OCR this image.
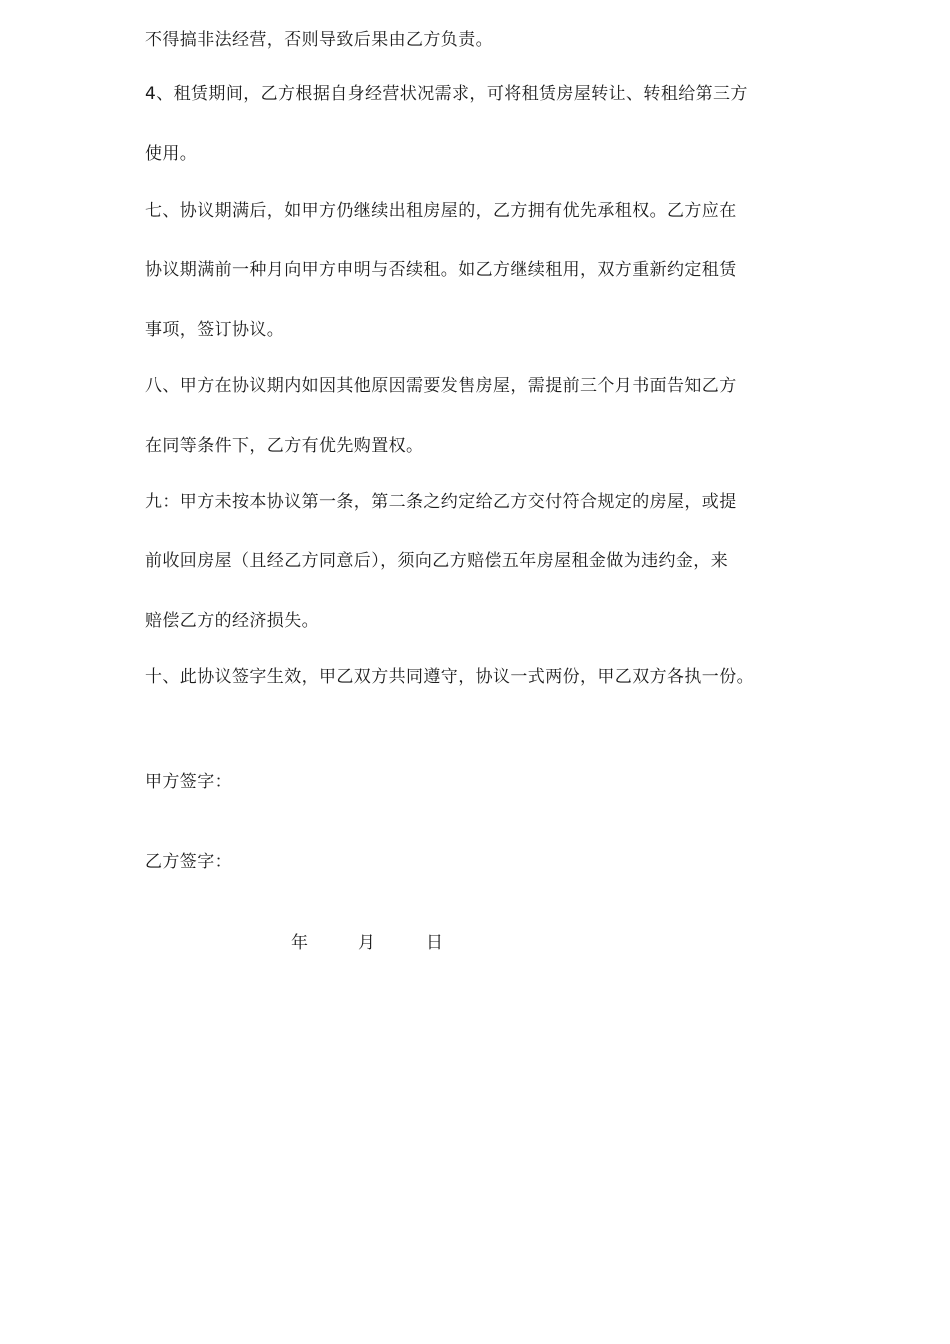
不得搞非法经营，否则导致后果由乙方负责。
4、租赁期间，乙方根据自身经营状况需求，可将租赁房屋转让、转租给第三方
使用。
七、协议期满后，如甲方仍继续出租房屋的，乙方拥有优先承租权。乙方应在
协议期满前一种月向甲方申明与否续租。如乙方继续租用，双方重新约定租赁
事项，签订协议。
八、甲方在协议期内如因其他原因需要发售房屋，需提前三个月书面告知乙方
在同等条件下，乙方有优先购置权。
九：甲方未按本协议第一条，第二条之约定给乙方交付符合规定的房屋，或提
前收回房屋（且经乙方同意后），须向乙方赔偿五年房屋租金做为违约金，来
赔偿乙方的经济损失。
十、此协议签字生效，甲乙双方共同遵守，协议一式两份，甲乙双方各执一份。
甲方签字：
乙方签字：
年	月	日
